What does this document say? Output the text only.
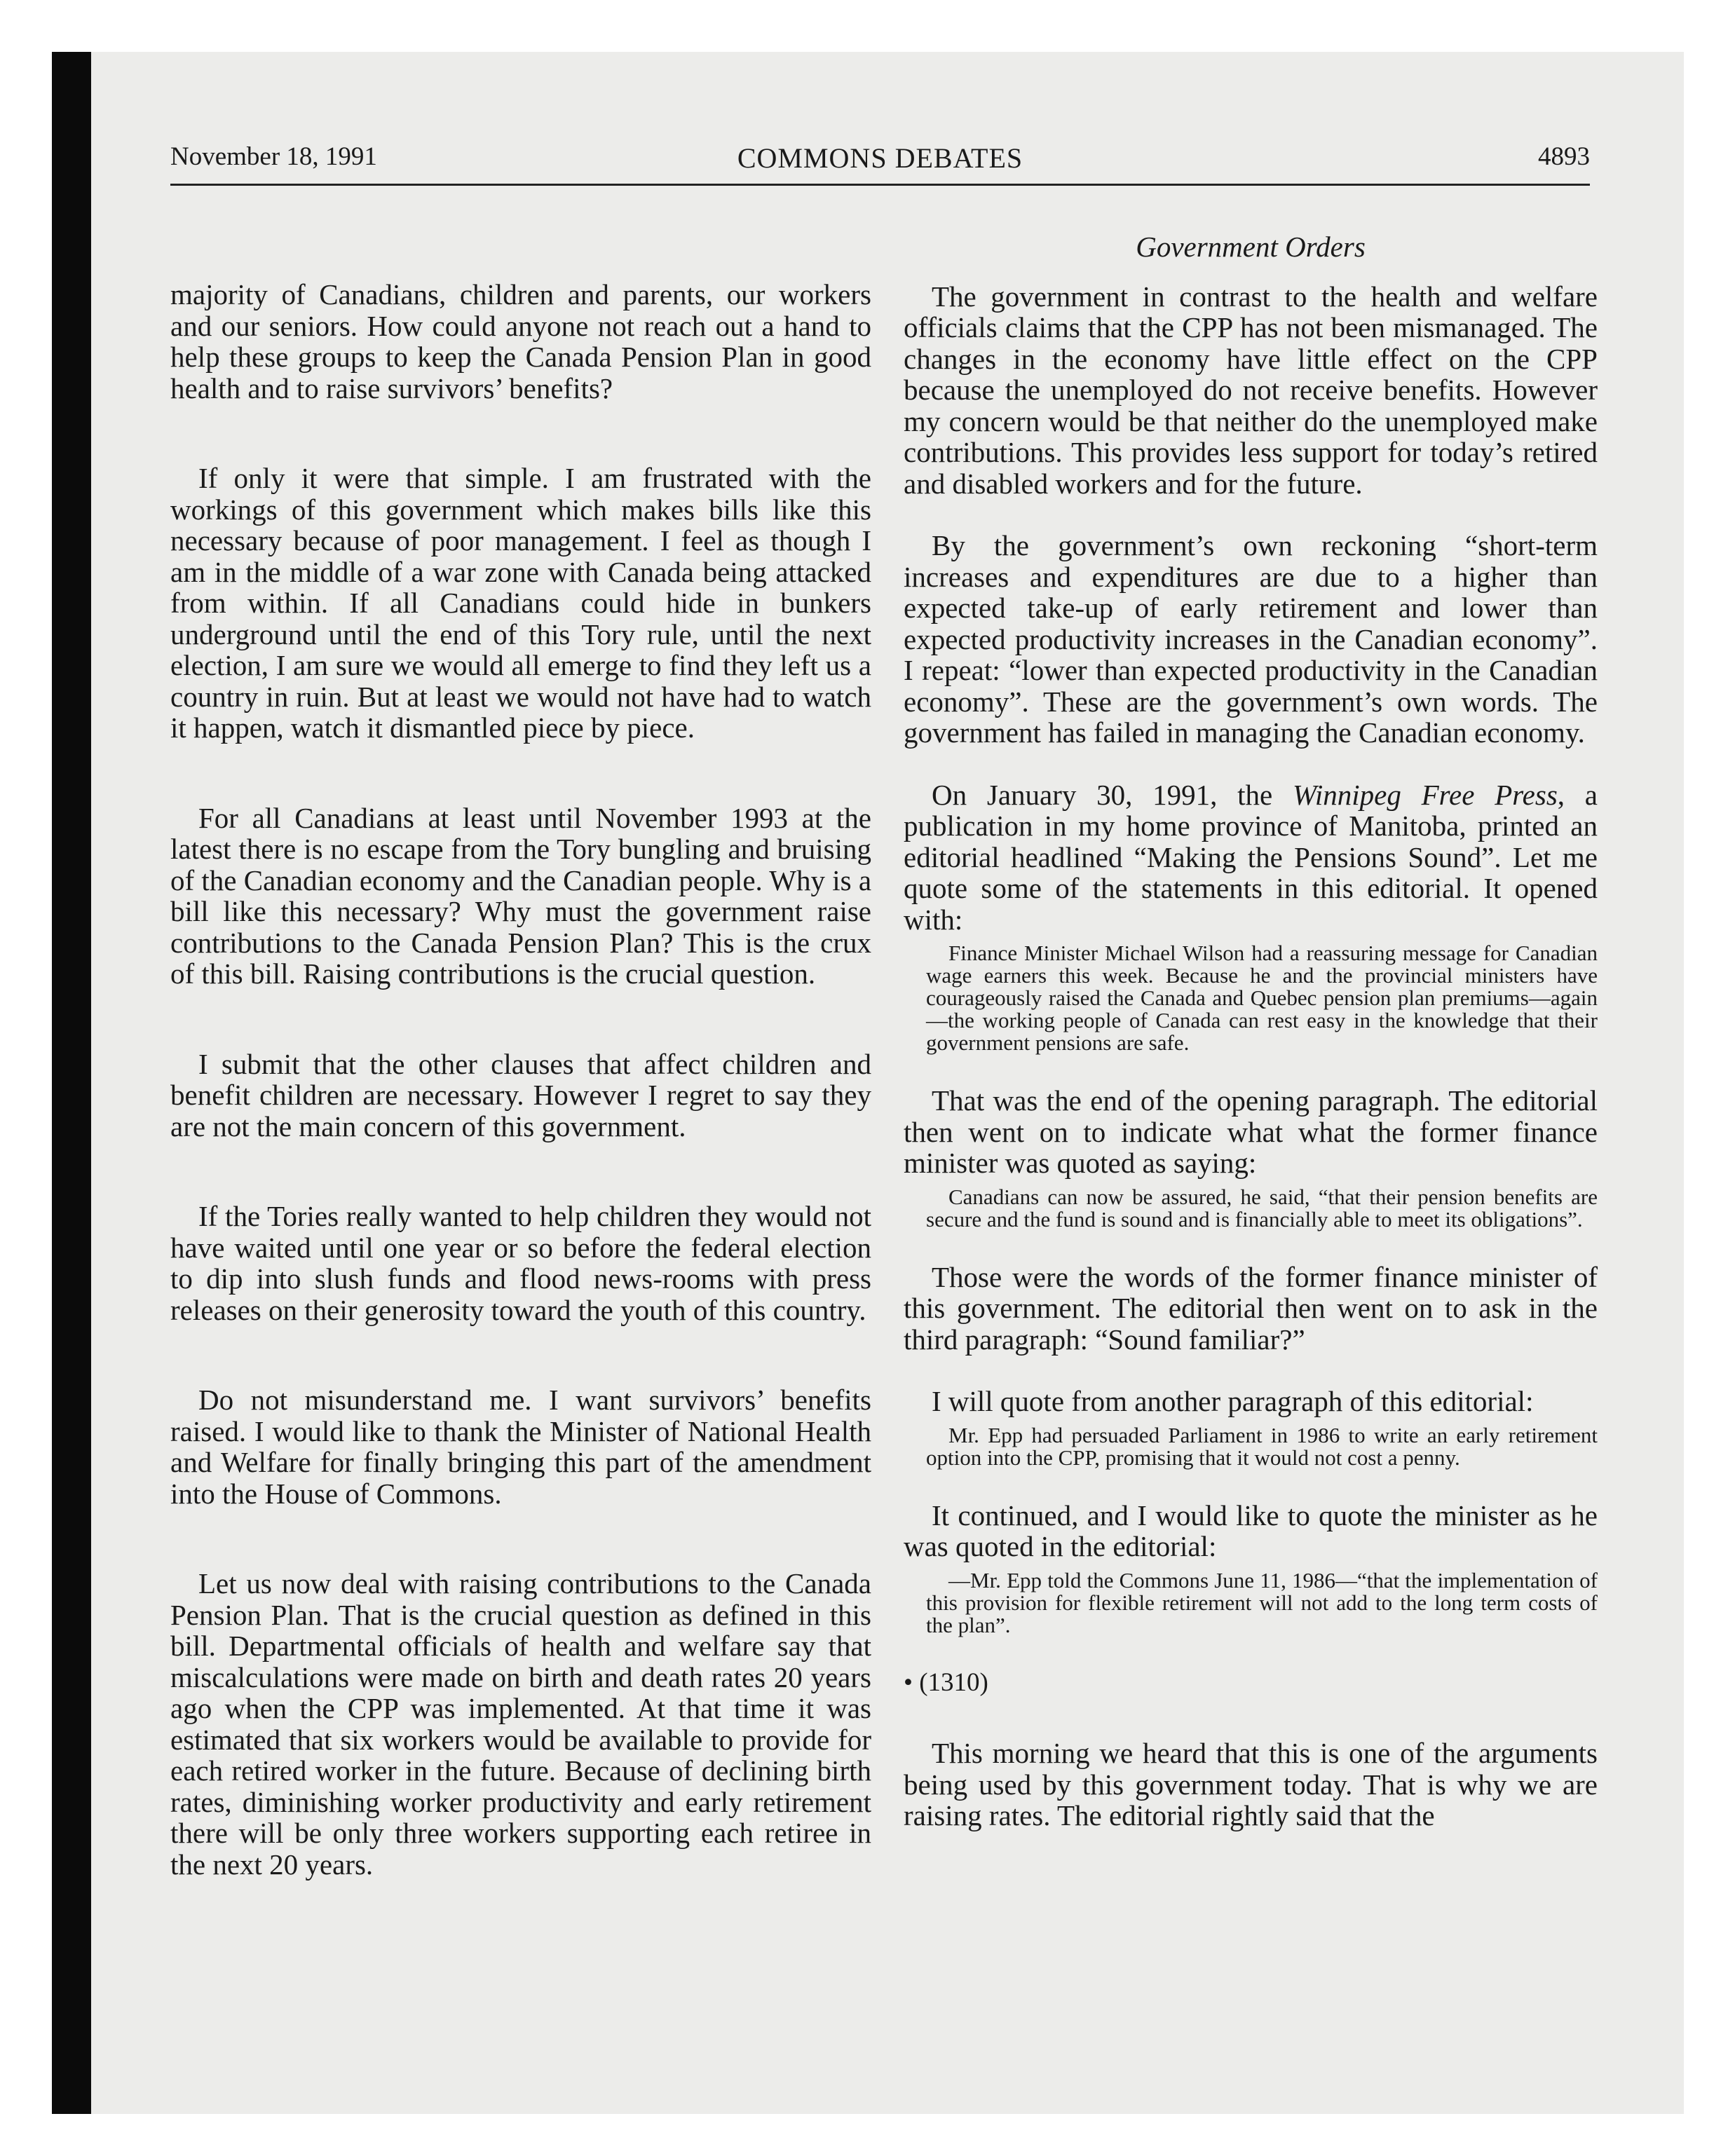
November 18, 1991	COMMONS DEBATES	4893

majority of Canadians, children and parents, our workers and our seniors. How could anyone not reach out a hand to help these groups to keep the Canada Pension Plan in good health and to raise survivors’ benefits?

If only it were that simple. I am frustrated with the workings of this government which makes bills like this necessary because of poor management. I feel as though I am in the middle of a war zone with Canada being attacked from within. If all Canadians could hide in bunkers underground until the end of this Tory rule, until the next election, I am sure we would all emerge to find they left us a country in ruin. But at least we would not have had to watch it happen, watch it dismantled piece by piece.

For all Canadians at least until November 1993 at the latest there is no escape from the Tory bungling and bruising of the Canadian economy and the Canadian people. Why is a bill like this necessary? Why must the government raise contributions to the Canada Pension Plan? This is the crux of this bill. Raising contributions is the crucial question.

I submit that the other clauses that affect children and benefit children are necessary. However I regret to say they are not the main concern of this government.

If the Tories really wanted to help children they would not have waited until one year or so before the federal election to dip into slush funds and flood news-rooms with press releases on their generosity toward the youth of this country.

Do not misunderstand me. I want survivors’ benefits raised. I would like to thank the Minister of National Health and Welfare for finally bringing this part of the amendment into the House of Commons.

Let us now deal with raising contributions to the Canada Pension Plan. That is the crucial question as defined in this bill. Departmental officials of health and welfare say that miscalculations were made on birth and death rates 20 years ago when the CPP was implemented. At that time it was estimated that six workers would be available to provide for each retired worker in the future. Because of declining birth rates, diminishing worker productivity and early retirement there will be only three workers supporting each retiree in the next 20 years.

Government Orders

The government in contrast to the health and welfare officials claims that the CPP has not been mismanaged. The changes in the economy have little effect on the CPP because the unemployed do not receive benefits. However my concern would be that neither do the unemployed make contributions. This provides less support for today’s retired and disabled workers and for the future.

By the government’s own reckoning “short-term increases and expenditures are due to a higher than expected take-up of early retirement and lower than expected productivity increases in the Canadian economy”. I repeat: “lower than expected productivity in the Canadian economy”. These are the government’s own words. The government has failed in managing the Canadian economy.

On January 30, 1991, the Winnipeg Free Press, a publication in my home province of Manitoba, printed an editorial headlined “Making the Pensions Sound”. Let me quote some of the statements in this editorial. It opened with:

Finance Minister Michael Wilson had a reassuring message for Canadian wage earners this week. Because he and the provincial ministers have courageously raised the Canada and Quebec pension plan premiums—again—the working people of Canada can rest easy in the knowledge that their government pensions are safe.

That was the end of the opening paragraph. The editorial then went on to indicate what what the former finance minister was quoted as saying:

Canadians can now be assured, he said, “that their pension benefits are secure and the fund is sound and is financially able to meet its obligations”.

Those were the words of the former finance minister of this government. The editorial then went on to ask in the third paragraph: “Sound familiar?”

I will quote from another paragraph of this editorial:

Mr. Epp had persuaded Parliament in 1986 to write an early retirement option into the CPP, promising that it would not cost a penny.

It continued, and I would like to quote the minister as he was quoted in the editorial:

—Mr. Epp told the Commons June 11, 1986—“that the implementation of this provision for flexible retirement will not add to the long term costs of the plan”.

• (1310)

This morning we heard that this is one of the arguments being used by this government today. That is why we are raising rates. The editorial rightly said that the
